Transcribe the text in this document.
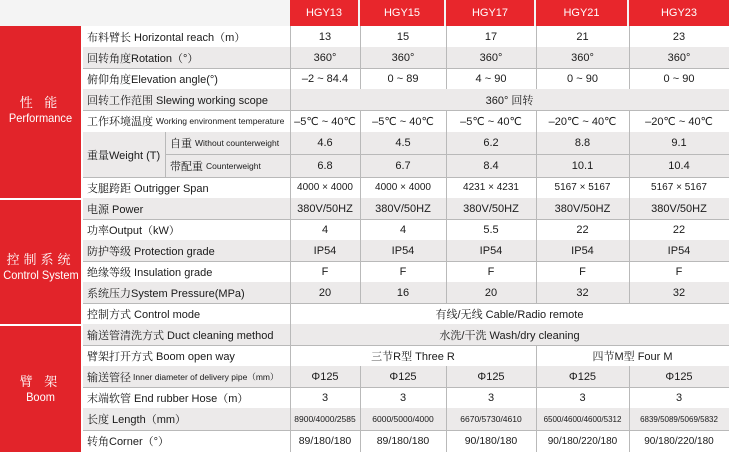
HGY13	HGY15	HGY17	HGY21	HGY23
性 能
Performance
控制系统
Control System
臂 架
Boom
布料臂长 Horizontal reach（m）	13	15	17	21	23
回转角度Rotation（°）	360°	360°	360°	360°	360°
俯仰角度Elevation angle(°)	–2 ~ 84.4	0 ~ 89	4 ~ 90	0 ~ 90	0 ~ 90
回转工作范围 Slewing working scope	360° 回转
工作环境温度 Working environment temperature –5℃ ~ 40℃	–5℃ ~ 40℃	–5℃ ~ 40℃	–20℃ ~ 40℃	–20℃ ~ 40℃
重量Weight (T)
自重 Without counterweight	4.6	4.5	6.2	8.8	9.1
带配重 Counterweight	6.8	6.7	8.4	10.1	10.4
支腿跨距 Outrigger Span	4000 × 4000	4000 × 4000	4231 × 4231	5167 × 5167	5167 × 5167
电源 Power	380V/50HZ	380V/50HZ	380V/50HZ	380V/50HZ	380V/50HZ
功率Output（kW）	4	4	5.5	22	22
防护等级 Protection grade	IP54	IP54	IP54	IP54	IP54
绝缘等级 Insulation grade	F	F	F	F	F
系统压力System Pressure(MPa)	20	16	20	32	32
控制方式 Control mode	有线/无线 Cable/Radio remote
输送管清洗方式 Duct cleaning method	水洗/干洗 Wash/dry cleaning
臂架打开方式 Boom open way	三节R型 Three R	四节M型 Four M
输送管径 Inner diameter of delivery pipe（mm）	Φ125	Φ125	Φ125	Φ125	Φ125
末端软管 End rubber Hose（m）	3	3	3	3	3
长度 Length（mm）	8900/4000/2585	6000/5000/4000	6670/5730/4610	6500/4600/4600/5312	6839/5089/5069/5832
转角Corner（°）	89/180/180	89/180/180	90/180/180	90/180/220/180	90/180/220/180
